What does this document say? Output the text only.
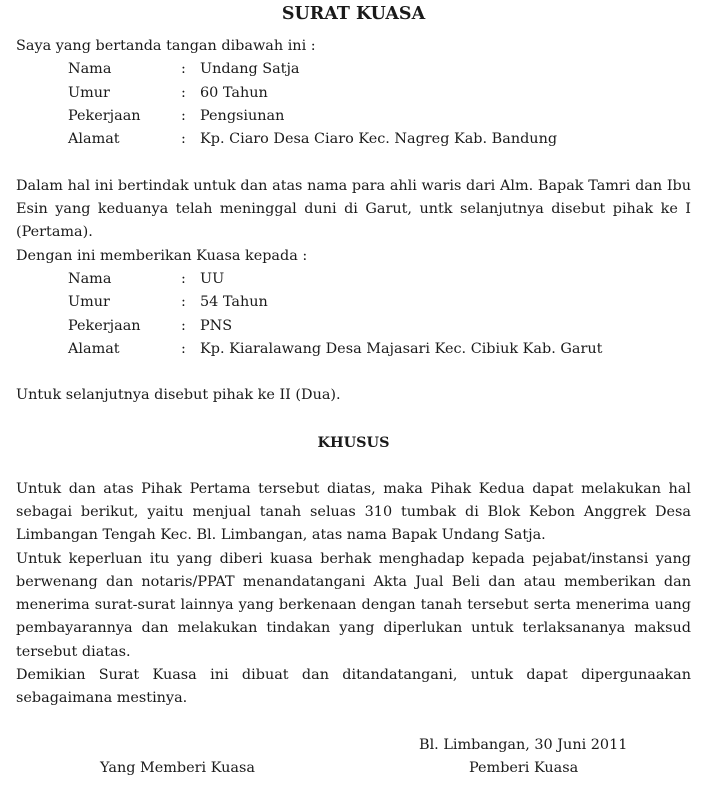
SURAT KUASA
Saya yang bertanda tangan dibawah ini :
Nama	:	Undang Satja
Umur	:	60 Tahun
Pekerjaan	:	Pengsiunan
Alamat	:	Kp. Ciaro Desa Ciaro Kec. Nagreg Kab. Bandung
Dalam hal ini bertindak untuk dan atas nama para ahli waris dari Alm. Bapak Tamri dan Ibu Esin yang keduanya telah meninggal duni di Garut, untk selanjutnya disebut pihak ke I (Pertama).
Dengan ini memberikan Kuasa kepada :
Nama	:	UU
Umur	:	54 Tahun
Pekerjaan	:	PNS
Alamat	:	Kp. Kiaralawang Desa Majasari Kec. Cibiuk Kab. Garut
Untuk selanjutnya disebut pihak ke II (Dua).
KHUSUS
Untuk dan atas Pihak Pertama tersebut diatas, maka Pihak Kedua dapat melakukan hal sebagai berikut, yaitu menjual tanah seluas 310 tumbak di Blok Kebon Anggrek Desa Limbangan Tengah Kec. Bl. Limbangan, atas nama Bapak Undang Satja.
Untuk keperluan itu yang diberi kuasa berhak menghadap kepada pejabat/instansi yang berwenang dan notaris/PPAT menandatangani Akta Jual Beli dan atau memberikan dan menerima surat-surat lainnya yang berkenaan dengan tanah tersebut serta menerima uang pembayarannya dan melakukan tindakan yang diperlukan untuk terlaksananya maksud tersebut diatas.
Demikian Surat Kuasa ini dibuat dan ditandatangani, untuk dapat dipergunaakan sebagaimana mestinya.
Bl. Limbangan, 30 Juni 2011
Yang Memberi Kuasa	Pemberi Kuasa
